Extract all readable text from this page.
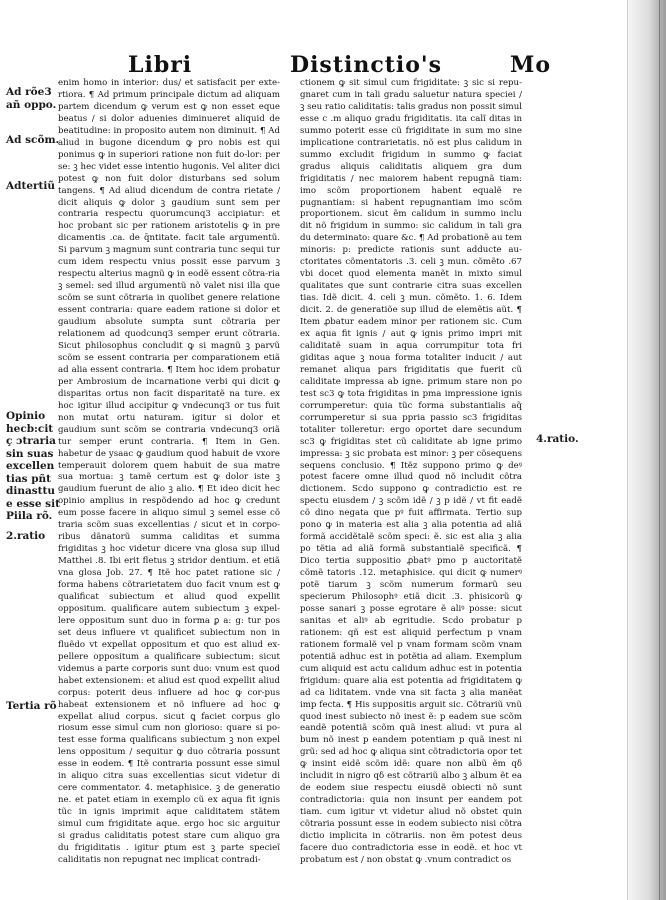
Libri	Distinctio's	Mo
Ad rõe3
añ oppo.
Ad scõm.
Adtertiũ
Opinio
hecb:cit
ç ɔtraria
sin suas
excellen
tias pñt
dinasttu
e esse sit
Piila rõ.
2.ratio
Tertia rõ
4.ratio.

enim homo in interior: dus/ et satisfacit per exte-rtiora. ¶ Ad primum principale dictum ad aliquam partem dicendum ꝙ verum est ꝙ non esset eque beatus / si dolor aduenies diminueret aliquid de beatitudine: in proposito autem non diminuit. ¶ Ad aliud in bugone dicendum ꝙ pro nobis est qui ponimus ꝙ in superiori ratione non fuit do-lor: per se: ꝫ hec videt esse intentio hugonis. Vel aliter dici potest ꝙ non fuit dolor disturbans sed solum tangens. ¶ Ad aliud dicendum de contra rietate / dicit aliquis ꝙ dolor ꝫ gaudium sunt sem per contraria respectu quorumcunq3 accipiatur: et hoc probant sic per rationem aristotelis ꝙ in pre dicamentis .ca. de q̄ntitate. facit tale argumentũ. Si parvum ꝫ magnum sunt contraria tunc sequi tur cum idem respectu vnius possit esse parvum ꝫ respectu alterius magnũ ꝙ in eodẽ essent cõtra-ria ꝫ semel: sed illud argumentũ nõ valet nisi illa que scõm se sunt cõtraria in quolibet genere relatione essent contraria: quare eadem ratione si dolor et gaudium absolute sumpta sunt cõtraria per relationem ad quodcunq3 semper erunt cõtraria. Sicut philosophus concludit ꝙ si magnũ ꝫ parvũ scõm se essent contraria per comparationem etiã ad alia essent contraria. ¶ Item hoc idem probatur per Ambrosium de incarnatione verbi qui dicit ꝙ disparitas ortus non facit disparitatẽ na ture. ex hoc igitur illud accipitur ꝙ vndecunq3 or tus fuit non mutat ortu naturam. igitur si dolor et gaudium sunt scõm se contraria vndecunq3 oriã tur semper erunt contraria. ¶ Item in Gen. habetur de ysaac ꝙ gaudium quod habuit de vxore temperauit dolorem quem habuit de sua matre sua mortua: ꝫ tamẽ certum est ꝙ dolor iste ꝫ gaudium fuerunt de alio ꝫ alio. ¶ Et ideo dicit hec opinio amplius in respõdendo ad hoc ꝙ credunt eum posse facere in aliquo simul ꝫ semel esse cõ traria scõm suas excellentias / sicut et in corpo-ribus dãnatorũ summa caliditas et summa frigiditas ꝫ hoc videtur dicere vna glosa sup illud Matthei .8. Ibi erit fletus ꝫ stridor dentium. et etiã vna glosa Job. 27. ¶ Itẽ hoc patet ratione sic / forma habens cõtrarietatem duo facit vnum est ꝙ qualificat subiectum et aliud quod expellit oppositum. qualificare autem subiectum ꝫ expel-lere oppositum sunt duo in forma ꝑ a: g: tur pos set deus influere vt qualificet subiectum non in fluẽdo vt expellat oppositum et quo est aliud ex-pellere oppositum a qualificare subiectum: sicut videmus a parte corporis sunt duo: vnum est quod habet extensionem: et aliud est quod expellit aliud corpus: poterit deus influere ad hoc ꝙ cor-pus habeat extensionem et nõ influere ad hoc ꝙ expellat aliud corpus. sicut ꝗ faciet corpus glo riosum esse simul cum non glorioso: quare si po-test esse forma qualificans subiectum ꝫ non expel lens oppositum / sequitur ꝙ duo cõtraria possunt esse in eodem. ¶ Itẽ contraria possunt esse simul in aliquo citra suas excellentias sicut videtur di cere commentator. 4. metaphisice. ꝫ de generatio ne. et patet etiam in exemplo cũ ex aqua fit ignis tũc in ignis imprimit aque caliditatem stãtem simul cum frigiditate aque. ergo hoc sic arguitur si gradus caliditatis potest stare cum aliquo gra du frigiditatis . igitur ꝑtum est ꝫ parte specieĩ caliditatis non repugnat nec implicat contradi-

ctionem ꝙ sit simul cum frigiditate: ꝫ sic si repu-gnaret cum in tali gradu saluetur natura speciei / ꝫ seu ratio caliditatis: talis gradus non possit simul esse c .m aliquo gradu frigiditatis. ita calĩ ditas in summo poterit esse cũ frigiditate in sum mo sine implicatione contrarietatis. nõ est plus calidum in summo excludit frigidum in summo ꝙ faciat gradus aliquis caliditatis aliquem gra dum frigiditatis / nec maiorem habent repugnã tiam: imo scõm proportionem habent equalẽ re pugnantiam: si habent repugnantiam imo scõm proportionem. sicut ẽm calidum in summo inclu dit nõ frigidum in summo: sic calidum in tali gra du determinato: quare &c. ¶ Ad probationẽ au tem minoris: p: predicte rationis sunt adducte au-ctoritates cõmentatoris .3. celi ꝫ mun. cõmẽto .67 vbi docet quod elementa manẽt in mixto simul qualitates que sunt contrarie citra suas excellen tias. Idẽ dicit. 4. celi ꝫ mun. cõmẽto. 1. 6. Idem dicit. 2. de generatiõe sup illud de elemẽtis aũt. ¶ Item ꝓbatur eadem minor per rationem sic. Cum ex aqua fit ignis / aut ꝙ ignis primo impri mit caliditatẽ suam in aqua corrumpitur tota fri giditas aque ꝫ noua forma totaliter inducit / aut remanet aliqua pars frigiditatis que fuerit cũ caliditate impressa ab igne. primum stare non po test sc3 ꝙ tota frigiditas in pma impressione ignis corrumperetur: quia tũc forma substantialis aq̃ corrumperetur si sua ppria passio sc3 frigiditas totaliter tolleretur: ergo oportet dare secundum sc3 ꝙ frigiditas stet cũ caliditate ab igne primo impressa: ꝫ sic probata est minor: ꝫ per cõsequens sequens conclusio. ¶ Itẽz suppono primo ꝙ deꝰ potest facere omne illud quod nõ includit cõtra dictionem. Scdo suppono ꝙ contradictio est re spectu eiusdem / ꝫ scõm idẽ / ꝫ p idẽ / vt fit eadẽ cõ dino negata que pꝰ fuit affirmata. Tertio sup pono ꝙ in materia est alia ꝫ alia potentia ad aliã formã accidẽtalẽ scõm speci: ẽ. sic est alia ꝫ alia po tẽtia ad aliã formã substantialẽ specificã. ¶ Dico tertia suppositio ꝓbatꝰ pmo p auctoritatẽ cõmẽ tatoris .12. metaphisice. qui dicit ꝙ numerꝰ potẽ tiarum ꝫ scõm numerum formarũ seu specierum Philosophꝰ etiã dicit .3. phisicorũ ꝙ posse sanari ꝫ posse egrotare ẽ aliꝰ posse: sicut sanitas et aliꝰ ab egritudie. Scdo probatur p rationem: qñ est est aliquid perfectum p vnam rationem formalẽ vel p vnam formam scõm vnam potentiã adhuc est in potẽtia ad aliam. Exemplum cum aliquid est actu calidum adhuc est in potentia frigidum: quare alia est potentia ad frigiditatem ꝙ ad ca liditatem. vnde vna sit facta ꝫ alia manẽat imp fecta. ¶ His suppositis arguit sic. Cõtrariũ vnũ quod inest subiecto nõ inest ẽ: p eadem sue scõm eandẽ potentiã scõm quã inest aliud: vt pura al bum nõ inest p eandem potentiam p quã inest ni grũ: sed ad hoc ꝙ aliqua sint cõtradictoria opor tet ꝙ insint eidẽ scõm idẽ: quare non albũ ẽm qδ includit in nigro qδ est cõtrariũ albo ꝫ album ẽt ea de eodem siue respectu eiusdẽ obiecti nõ sunt contradictoria: quia non insunt per eandem pot tiam. cum igitur vt videtur aliud nõ obstet quin cõtraria possunt esse in eodem subiecto nisi cõtra dictio implicita in cõtrariis. non ẽm potest deus facere duo contradictoria esse in eodẽ. et hoc vt probatum est / non obstat ꝙ .vnum contradict os
